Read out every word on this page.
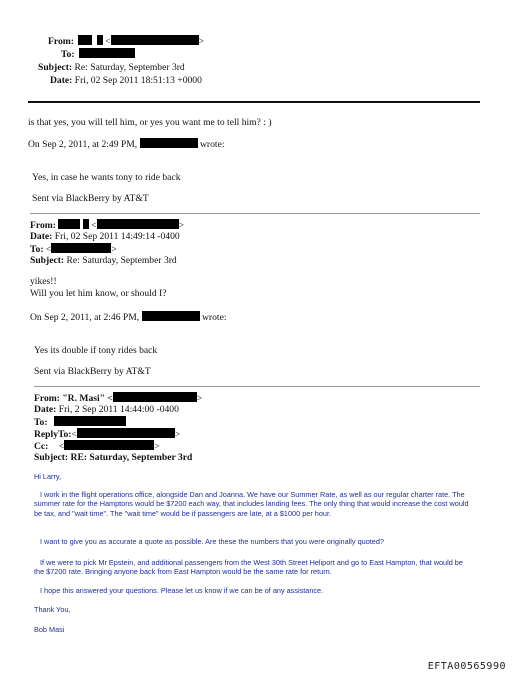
From:	<	>
To:
Subject: Re: Saturday, September 3rd
Date: Fri, 02 Sep 2011 18:51:13 +0000
is that yes, you will tell him, or yes you want me to tell him? : )
On Sep 2, 2011, at 2:49 PM,	wrote:
Yes, in case he wants tony to ride back
Sent via BlackBerry by AT&T
From:	<	>
Date: Fri, 02 Sep 2011 14:49:14 -0400
To: <	>
Subject: Re: Saturday, September 3rd
yikes!!
Will you let him know, or should I?
On Sep 2, 2011, at 2:46 PM,	wrote:
Yes its double if tony rides back
Sent via BlackBerry by AT&T
From: "R. Masi" <	>
Date: Fri, 2 Sep 2011 14:44:00 -0400
To:
ReplyTo:<	>
Cc: <	>
Subject: RE: Saturday, September 3rd
Hi Larry,
I work in the flight operations office, alongside Dan and Joanna. We have our Summer Rate, as well as our regular charter rate. The summer rate for the Hamptons would be $7200 each way, that includes landing fees. The only thing that would increase the cost would be tax, and "wait time". The "wait time" would be if passengers are late, at a $1000 per hour.
I want to give you as accurate a quote as possible. Are these the numbers that you were originally quoted?
If we were to pick Mr Epstein, and additional passengers from the West 30th Street Heliport and go to East Hampton, that would be the $7200 rate. Bringing anyone back from East Hampton would be the same rate for return.
I hope this answered your questions. Please let us know if we can be of any assistance.
Thank You,
Bob Masi
EFTA00565990
